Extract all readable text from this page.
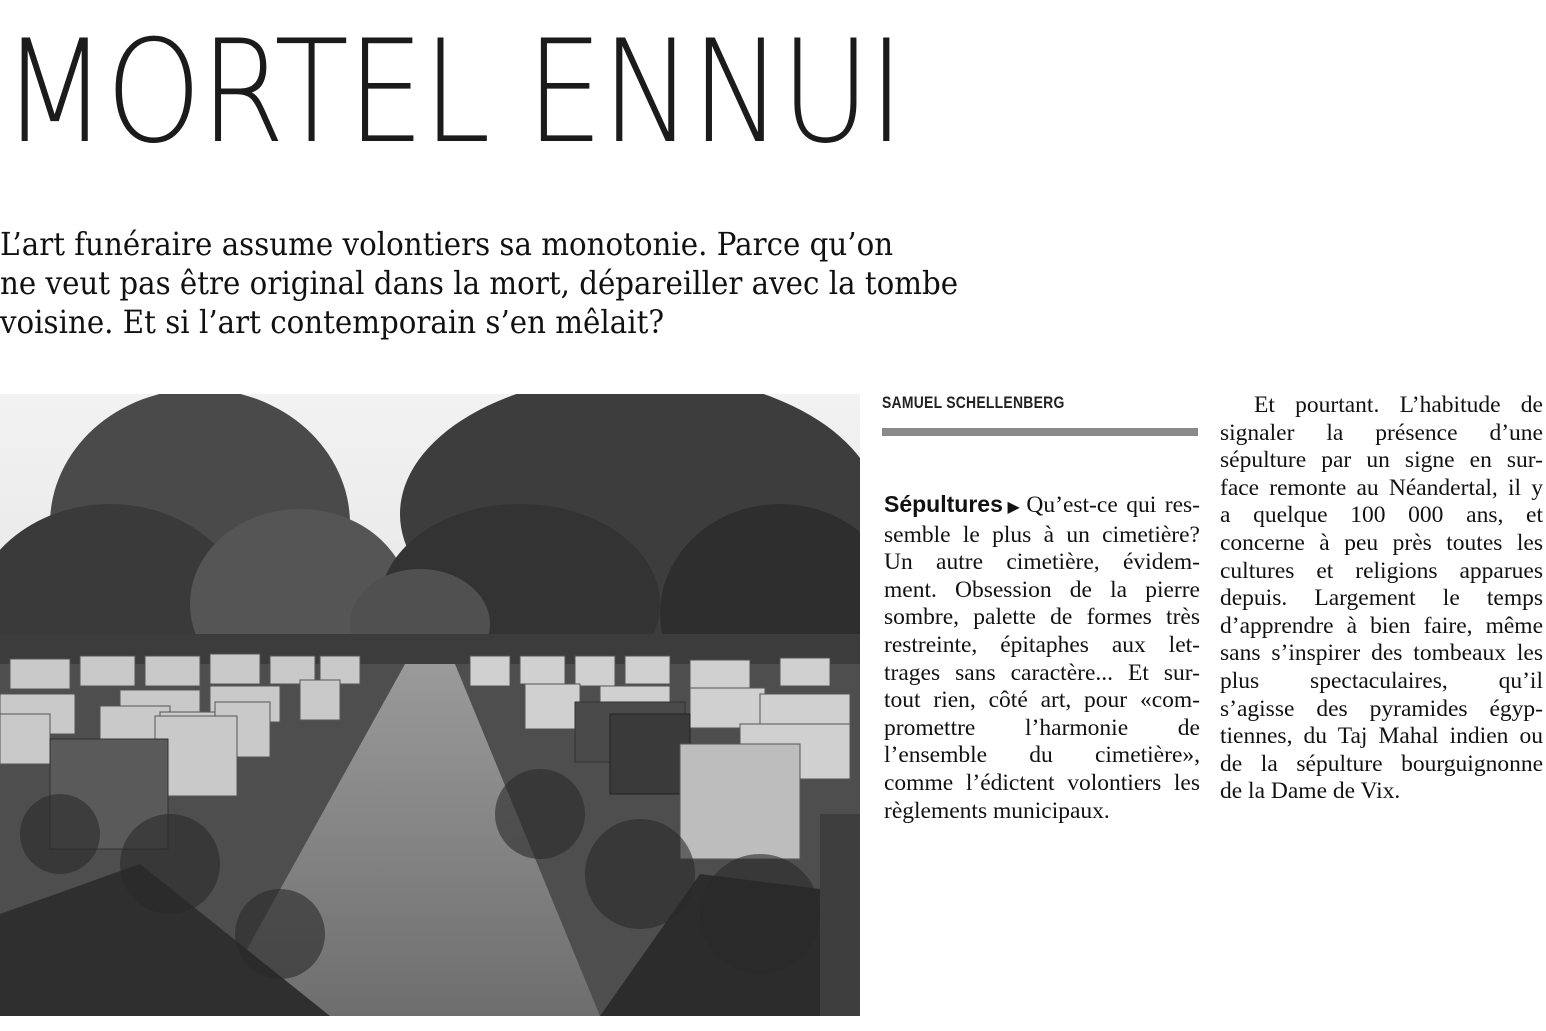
MORTEL ENNUI

L’art funéraire assume volontiers sa monotonie. Parce qu’on
ne veut pas être original dans la mort, dépareiller avec la tombe
voisine. Et si l’art contemporain s’en mêlait?

SAMUEL SCHELLENBERG
Sépultures ▶ Qu’est-ce qui res-
semble le plus à un cimetière?
Un autre cimetière, évidem-
ment. Obsession de la pierre
sombre, palette de formes très
restreinte, épitaphes aux let-
trages sans caractère... Et sur-
tout rien, côté art, pour «com-
promettre l’harmonie de
l’ensemble du cimetière»,
comme l’édictent volontiers les
règlements municipaux.
Et pourtant. L’habitude de
signaler la présence d’une
sépulture par un signe en sur-
face remonte au Néandertal, il y
a quelque 100 000 ans, et
concerne à peu près toutes les
cultures et religions apparues
depuis. Largement le temps
d’apprendre à bien faire, même
sans s’inspirer des tombeaux les
plus spectaculaires, qu’il
s’agisse des pyramides égyp-
tiennes, du Taj Mahal indien ou
de la sépulture bourguignonne
de la Dame de Vix.
